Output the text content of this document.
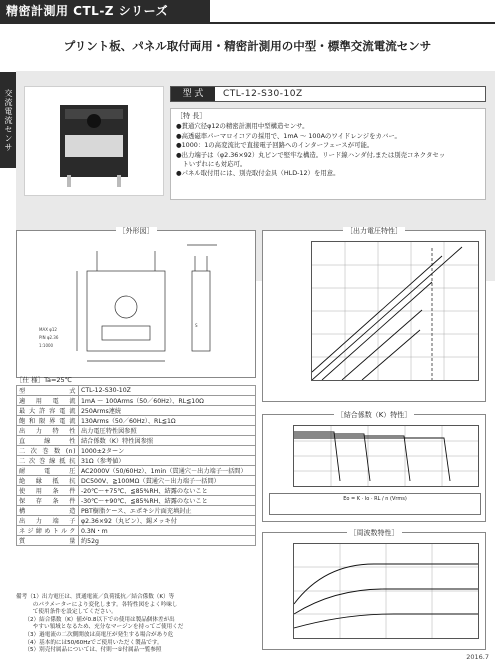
精密計測用 CTL-Z シリーズ
プリント板、パネル取付両用・精密計測用の中型・標準交流電流センサ
交流電流センサ	型 式 CTL-12-S30-10Z
［特 長］
●貫通穴径φ12の精密計測用中型構造センサ。
●高透磁率パーマロイコアの採用で、1mA ～ 100Aのワイドレンジをカバー。
●1000：1の高変流比で直接電子回路へのインターフェースが可能。
●出力端子は（φ2.36×92）丸ピンで堅牢な構造。リード線ハンダ付,または別売コネクタセッ
　トいずれにも対応可。
●パネル取付用には、別売取付金具（HLD-12）を用意。
［外形図］
MAX φ12
PIN φ2.36
1:1000
S
［仕 様］Ta=25℃
型式	CTL-12-S30-10Z
適用電流	1mA ～ 100Arms（50／60Hz）、RL≦10Ω
最大許容電流	250Arms連続
飽和限界電流	130Arms（50／60Hz）、RL≦1Ω
出力特性	出力電圧特性図参照
直線性	結合係数（K）特性図参照
二次巻数(n)	1000±2ターン
二次巻線抵抗	31Ω（参考値）
耐電圧	AC2000V（50/60Hz）、1min（貫通穴－出力端子一括間）
絶縁抵抗	DC500V、≧100MΩ（貫通穴－出力端子一括間）
使用条件	-20℃～+75℃、≦85%RH、結露のないこと
保存条件	-30℃～+90℃、≦85%RH、結露のないこと
構造	PBT樹脂ケース、エポキシ片面充填封止
出力端子	φ2.36×92（丸ピン）、錫メッキ付
ネジ締めトルク	0.3N・m
質量	約52g
備考（1）出力電圧は、貫通電流／負荷抵抗／結合係数（K）等
　　　のパラメーターにより変化します。各特性図をよく吟味し
　　　て使用条件を設定してください。
　　（2）結合係数（K）値が0.8以下での使用は製品個体差が出
　　　やすい領域となるため、充分なマージンを持ってご使用くだ
　　（3）過電流の二次側開放は高電圧が発生する場合があり危
　　（4）基本的には50/60Hzでご使用いただく製品です。
　　（5）別売付属品については、付則一①付属品一覧参照
［出力電圧特性］
［結合係数（K）特性］
Eo = K · Io · RL / n (Vrms)
［周波数特性］
2016.7
